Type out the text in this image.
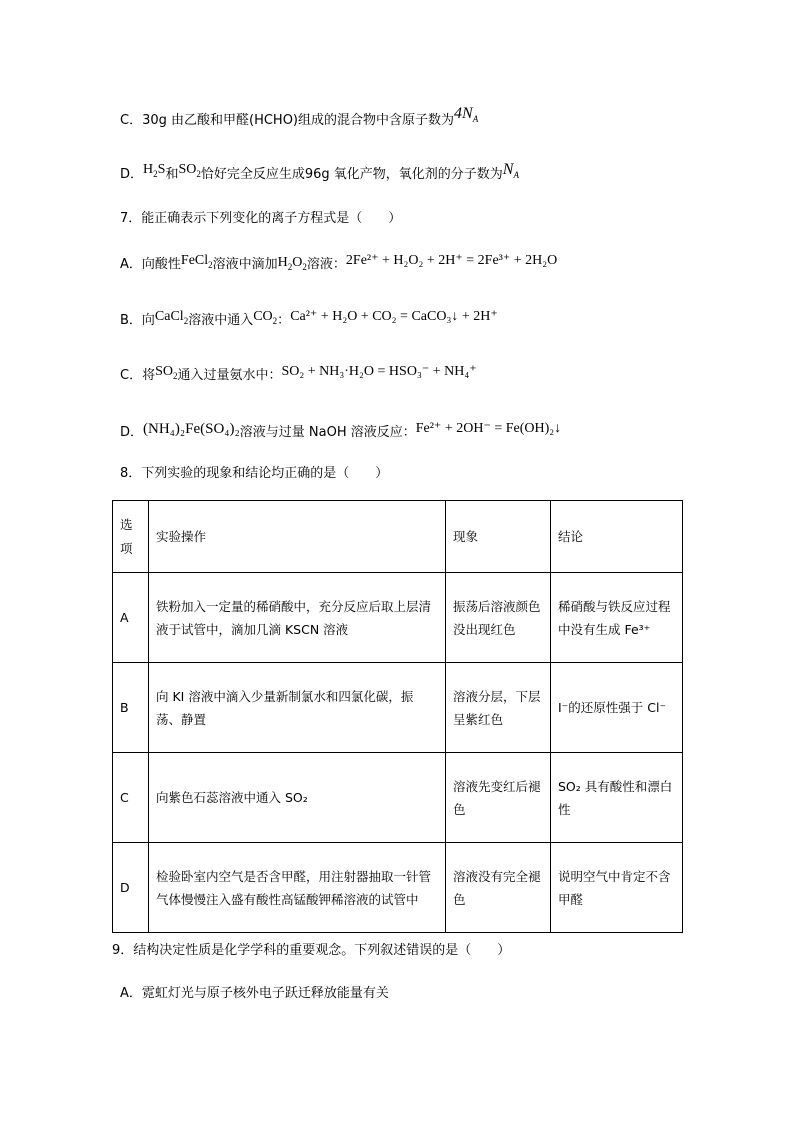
C．30g 由乙酸和甲醛(HCHO)组成的混合物中含原子数为$4N_A$
D．$H_2S$和$SO_2$恰好完全反应生成96g 氧化产物，氧化剂的分子数为$N_A$
7．能正确表示下列变化的离子方程式是（　　）
A．向酸性FeCl$_2$溶液中滴加$H_2O_2$溶液：2Fe²⁺ + H₂O₂ + 2H⁺ = 2Fe³⁺ + 2H₂O
B．向CaCl$_2$溶液中通入$CO_2$：Ca²⁺ + H₂O + CO₂ = CaCO₃↓ + 2H⁺
C．将$SO_2$通入过量氨水中：SO₂ + NH₃·H₂O = HSO₃⁻ + NH₄⁺
D．(NH₄)₂Fe(SO₄)₂溶液与过量 NaOH 溶液反应：Fe²⁺ + 2OH⁻ = Fe(OH)₂↓
8．下列实验的现象和结论均正确的是（　　）
选项	实验操作	现象	结论
A	铁粉加入一定量的稀硝酸中，充分反应后取上层清液于试管中，滴加几滴 KSCN 溶液	振荡后溶液颜色没出现红色	稀硝酸与铁反应过程中没有生成 Fe³⁺
B	向 KI 溶液中滴入少量新制氯水和四氯化碳，振荡、静置	溶液分层，下层呈紫红色	I⁻的还原性强于 Cl⁻
C	向紫色石蕊溶液中通入 SO₂	溶液先变红后褪色	SO₂ 具有酸性和漂白性
D	检验卧室内空气是否含甲醛，用注射器抽取一针管气体慢慢注入盛有酸性高锰酸钾稀溶液的试管中	溶液没有完全褪色	说明空气中肯定不含甲醛
9．结构决定性质是化学学科的重要观念。下列叙述错误的是（　　）
A．霓虹灯光与原子核外电子跃迁释放能量有关
